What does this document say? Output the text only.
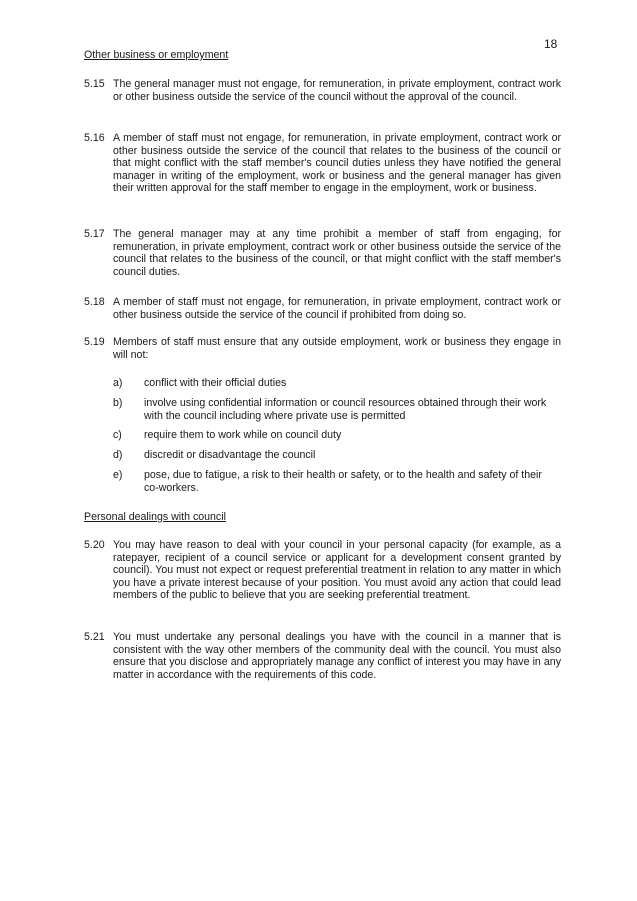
18
Other business or employment
5.15 The general manager must not engage, for remuneration, in private employment, contract work or other business outside the service of the council without the approval of the council.
5.16 A member of staff must not engage, for remuneration, in private employment, contract work or other business outside the service of the council that relates to the business of the council or that might conflict with the staff member's council duties unless they have notified the general manager in writing of the employment, work or business and the general manager has given their written approval for the staff member to engage in the employment, work or business.
5.17 The general manager may at any time prohibit a member of staff from engaging, for remuneration, in private employment, contract work or other business outside the service of the council that relates to the business of the council, or that might conflict with the staff member's council duties.
5.18 A member of staff must not engage, for remuneration, in private employment, contract work or other business outside the service of the council if prohibited from doing so.
5.19 Members of staff must ensure that any outside employment, work or business they engage in will not:
a) conflict with their official duties
b) involve using confidential information or council resources obtained through their work with the council including where private use is permitted
c) require them to work while on council duty
d) discredit or disadvantage the council
e) pose, due to fatigue, a risk to their health or safety, or to the health and safety of their co-workers.
Personal dealings with council
5.20 You may have reason to deal with your council in your personal capacity (for example, as a ratepayer, recipient of a council service or applicant for a development consent granted by council). You must not expect or request preferential treatment in relation to any matter in which you have a private interest because of your position. You must avoid any action that could lead members of the public to believe that you are seeking preferential treatment.
5.21 You must undertake any personal dealings you have with the council in a manner that is consistent with the way other members of the community deal with the council. You must also ensure that you disclose and appropriately manage any conflict of interest you may have in any matter in accordance with the requirements of this code.
